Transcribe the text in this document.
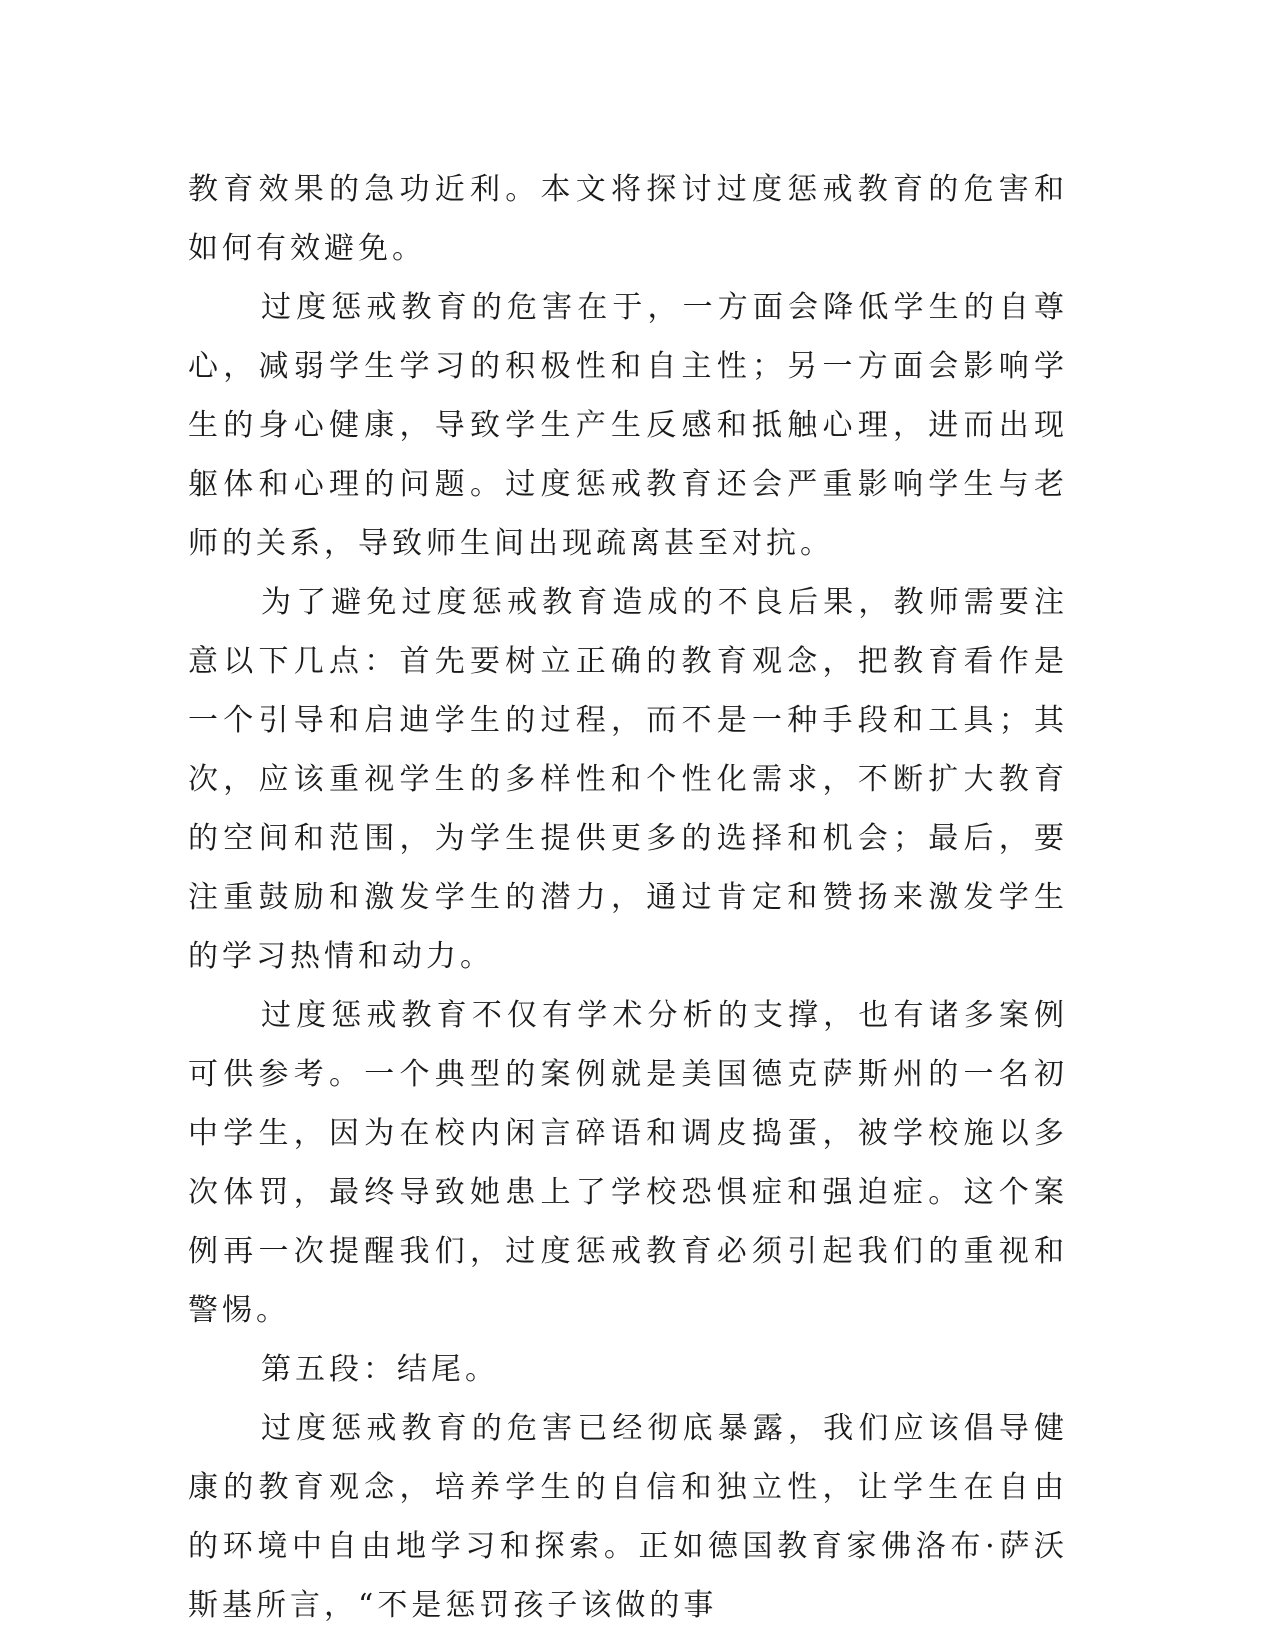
教育效果的急功近利。本文将探讨过度惩戒教育的危害和如何有效避免。

过度惩戒教育的危害在于，一方面会降低学生的自尊心，减弱学生学习的积极性和自主性；另一方面会影响学生的身心健康，导致学生产生反感和抵触心理，进而出现躯体和心理的问题。过度惩戒教育还会严重影响学生与老师的关系，导致师生间出现疏离甚至对抗。

为了避免过度惩戒教育造成的不良后果，教师需要注意以下几点：首先要树立正确的教育观念，把教育看作是一个引导和启迪学生的过程，而不是一种手段和工具；其次，应该重视学生的多样性和个性化需求，不断扩大教育的空间和范围，为学生提供更多的选择和机会；最后，要注重鼓励和激发学生的潜力，通过肯定和赞扬来激发学生的学习热情和动力。

过度惩戒教育不仅有学术分析的支撑，也有诸多案例可供参考。一个典型的案例就是美国德克萨斯州的一名初中学生，因为在校内闲言碎语和调皮捣蛋，被学校施以多次体罚，最终导致她患上了学校恐惧症和强迫症。这个案例再一次提醒我们，过度惩戒教育必须引起我们的重视和警惕。

第五段：结尾。

过度惩戒教育的危害已经彻底暴露，我们应该倡导健康的教育观念，培养学生的自信和独立性，让学生在自由的环境中自由地学习和探索。正如德国教育家佛洛布·萨沃斯基所言，“不是惩罚孩子该做的事
